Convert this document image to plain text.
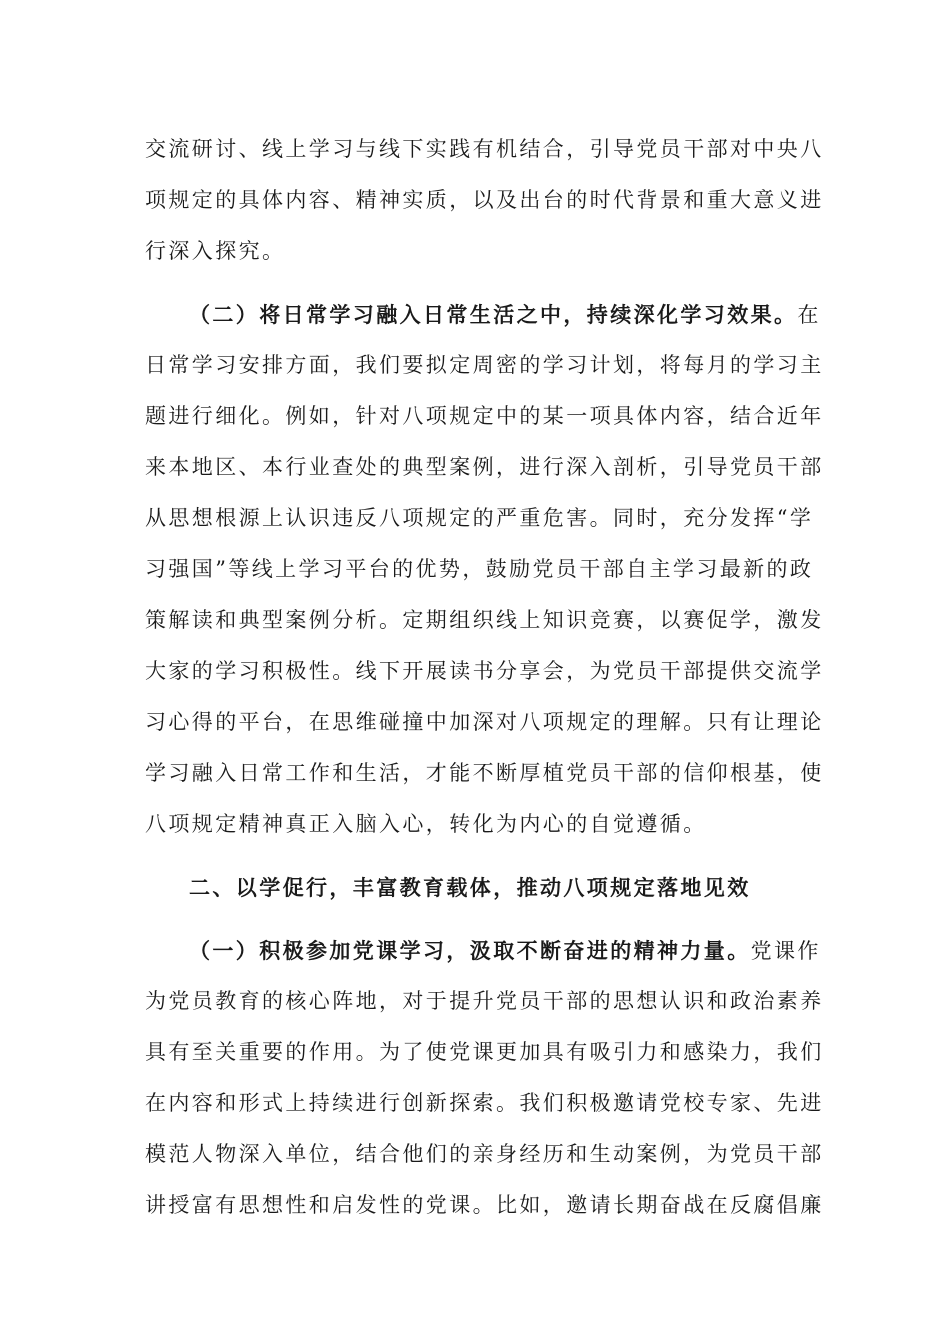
交流研讨、线上学习与线下实践有机结合，引导党员干部对中央八
项规定的具体内容、精神实质，以及出台的时代背景和重大意义进
行深入探究。
（二）将日常学习融入日常生活之中，持续深化学习效果。在
日常学习安排方面，我们要拟定周密的学习计划，将每月的学习主
题进行细化。例如，针对八项规定中的某一项具体内容，结合近年
来本地区、本行业查处的典型案例，进行深入剖析，引导党员干部
从思想根源上认识违反八项规定的严重危害。同时，充分发挥“学
习强国”等线上学习平台的优势，鼓励党员干部自主学习最新的政
策解读和典型案例分析。定期组织线上知识竞赛，以赛促学，激发
大家的学习积极性。线下开展读书分享会，为党员干部提供交流学
习心得的平台，在思维碰撞中加深对八项规定的理解。只有让理论
学习融入日常工作和生活，才能不断厚植党员干部的信仰根基，使
八项规定精神真正入脑入心，转化为内心的自觉遵循。
二、以学促行，丰富教育载体，推动八项规定落地见效
（一）积极参加党课学习，汲取不断奋进的精神力量。党课作
为党员教育的核心阵地，对于提升党员干部的思想认识和政治素养
具有至关重要的作用。为了使党课更加具有吸引力和感染力，我们
在内容和形式上持续进行创新探索。我们积极邀请党校专家、先进
模范人物深入单位，结合他们的亲身经历和生动案例，为党员干部
讲授富有思想性和启发性的党课。比如，邀请长期奋战在反腐倡廉
